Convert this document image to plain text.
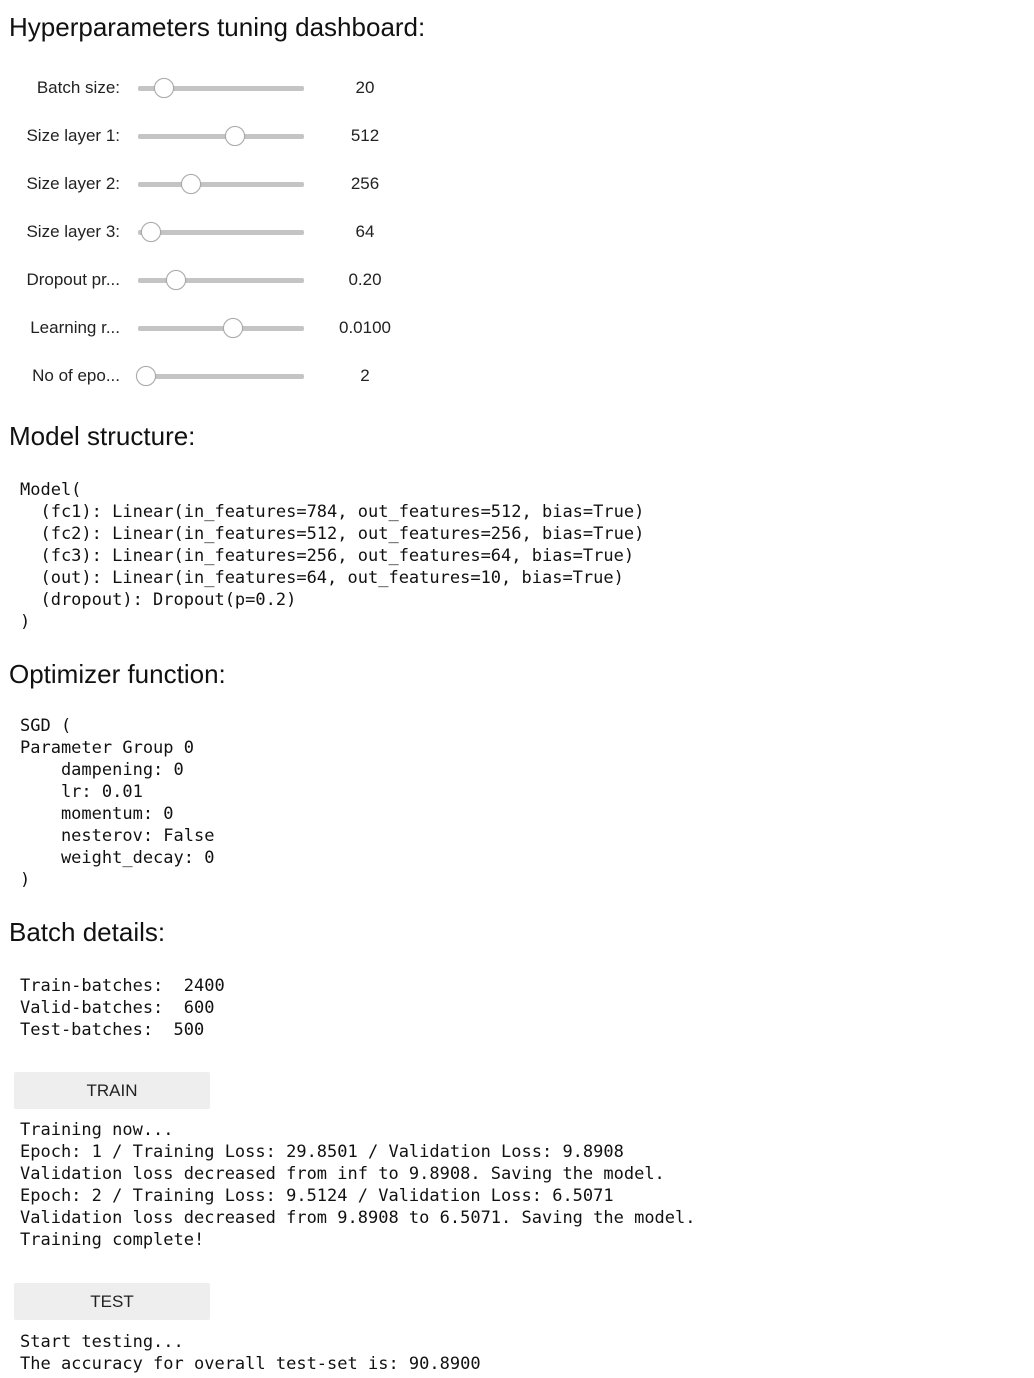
Hyperparameters tuning dashboard:
Batch size:	20
Size layer 1:	512
Size layer 2:	256
Size layer 3:	64
Dropout pr...	0.20
Learning r...	0.0100
No of epo...	2
Model structure:
Model(
(fc1): Linear(in_features=784, out_features=512, bias=True)
(fc2): Linear(in_features=512, out_features=256, bias=True)
(fc3): Linear(in_features=256, out_features=64, bias=True)
(out): Linear(in_features=64, out_features=10, bias=True)
(dropout): Dropout(p=0.2)
)
Optimizer function:
SGD (
Parameter Group 0
dampening: 0
lr: 0.01
momentum: 0
nesterov: False
weight_decay: 0
)
Batch details:
Train-batches:  2400
Valid-batches:  600
Test-batches:  500
TRAIN
Training now...
Epoch: 1 / Training Loss: 29.8501 / Validation Loss: 9.8908
Validation loss decreased from inf to 9.8908. Saving the model.
Epoch: 2 / Training Loss: 9.5124 / Validation Loss: 6.5071
Validation loss decreased from 9.8908 to 6.5071. Saving the model.
Training complete!
TEST
Start testing...
The accuracy for overall test-set is: 90.8900
